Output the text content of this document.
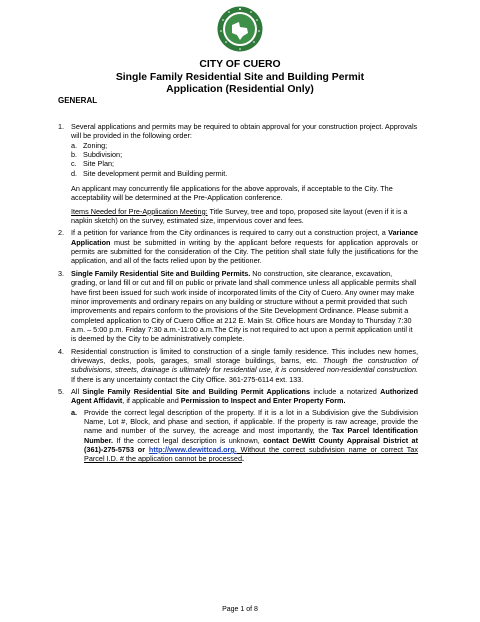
CITY OF CUERO
Single Family Residential Site and Building Permit
Application (Residential Only)
GENERAL
1. Several applications and permits may be required to obtain approval for your construction project. Approvals will be provided in the following order:

a. Zoning;
b. Subdivision;
c. Site Plan;
d. Site development permit and Building permit.

An applicant may concurrently file applications for the above approvals, if acceptable to the City. The acceptability will be determined at the Pre-Application conference.

Items Needed for Pre-Application Meeting: Title Survey, tree and topo, proposed site layout (even if it is a napkin sketch) on the survey, estimated size, impervious cover and fees.

2. If a petition for variance from the City ordinances is required to carry out a construction project, a Variance Application must be submitted in writing by the applicant before requests for application approvals or permits are submitted for the consideration of the City. The petition shall state fully the justifications for the application, and all of the facts relied upon by the petitioner.

3. Single Family Residential Site and Building Permits. No construction, site clearance, excavation, grading, or land fill or cut and fill on public or private land shall commence unless all applicable permits shall have first been issued for such work inside of incorporated limits of the City of Cuero. Any owner may make minor improvements and ordinary repairs on any building or structure without a permit provided that such improvements and repairs conform to the provisions of the Site Development Ordinance. Please submit a completed application to City of Cuero Office at 212 E. Main St. Office hours are Monday to Thursday 7:30 a.m. – 5:00 p.m. Friday 7:30 a.m.-11:00 a.m.The City is not required to act upon a permit application until it is deemed by the City to be administratively complete.

4. Residential construction is limited to construction of a single family residence. This includes new homes, driveways, decks, pools, garages, small storage buildings, barns, etc. Though the construction of subdivisions, streets, drainage is ultimately for residential use, it is considered non-residential construction. If there is any uncertainty contact the City Office. 361-275-6114 ext. 133.

5. All Single Family Residential Site and Building Permit Applications include a notarized Authorized Agent Affidavit, if applicable and Permission to Inspect and Enter Property Form.

a. Provide the correct legal description of the property. If it is a lot in a Subdivision give the Subdivision Name, Lot #, Block, and phase and section, if applicable. If the property is raw acreage, provide the name and number of the survey, the acreage and most importantly, the Tax Parcel Identification Number. If the correct legal description is unknown, contact DeWitt County Appraisal District at (361)-275-5753 or http://www.dewittcad.org. Without the correct subdivision name or correct Tax Parcel I.D. # the application cannot be processed.

Page 1 of 8
